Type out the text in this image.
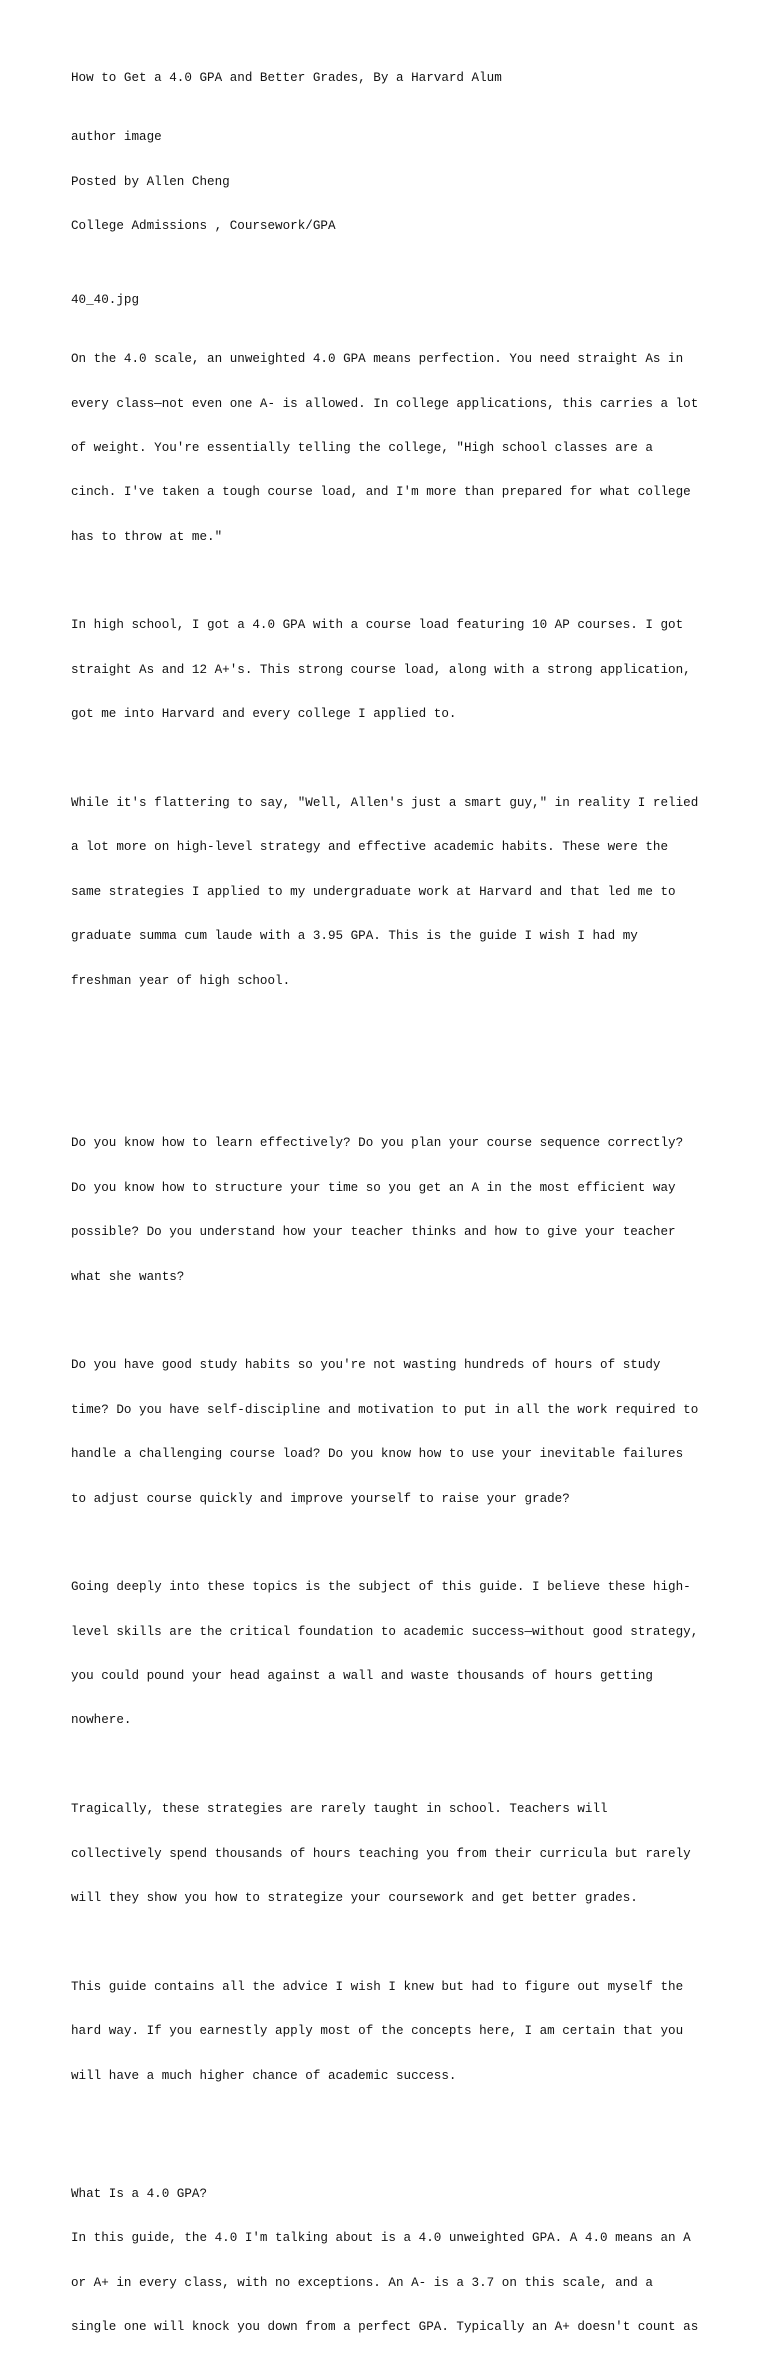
How to Get a 4.0 GPA and Better Grades, By a Harvard Alum

author image

Posted by Allen Cheng

College Admissions , Coursework/GPA

40_40.jpg

On the 4.0 scale, an unweighted 4.0 GPA means perfection. You need straight As in

every class—not even one A- is allowed. In college applications, this carries a lot

of weight. You're essentially telling the college, "High school classes are a

cinch. I've taken a tough course load, and I'm more than prepared for what college

has to throw at me."

In high school, I got a 4.0 GPA with a course load featuring 10 AP courses. I got

straight As and 12 A+'s. This strong course load, along with a strong application,

got me into Harvard and every college I applied to.

While it's flattering to say, "Well, Allen's just a smart guy," in reality I relied

a lot more on high-level strategy and effective academic habits. These were the

same strategies I applied to my undergraduate work at Harvard and that led me to

graduate summa cum laude with a 3.95 GPA. This is the guide I wish I had my

freshman year of high school.

Do you know how to learn effectively? Do you plan your course sequence correctly?

Do you know how to structure your time so you get an A in the most efficient way

possible? Do you understand how your teacher thinks and how to give your teacher

what she wants?

Do you have good study habits so you're not wasting hundreds of hours of study

time? Do you have self-discipline and motivation to put in all the work required to

handle a challenging course load? Do you know how to use your inevitable failures

to adjust course quickly and improve yourself to raise your grade?

Going deeply into these topics is the subject of this guide. I believe these high-

level skills are the critical foundation to academic success—without good strategy,

you could pound your head against a wall and waste thousands of hours getting

nowhere.

Tragically, these strategies are rarely taught in school. Teachers will

collectively spend thousands of hours teaching you from their curricula but rarely

will they show you how to strategize your coursework and get better grades.

This guide contains all the advice I wish I knew but had to figure out myself the

hard way. If you earnestly apply most of the concepts here, I am certain that you

will have a much higher chance of academic success.

What Is a 4.0 GPA?

In this guide, the 4.0 I'm talking about is a 4.0 unweighted GPA. A 4.0 means an A

or A+ in every class, with no exceptions. An A- is a 3.7 on this scale, and a

single one will knock you down from a perfect GPA. Typically an A+ doesn't count as
